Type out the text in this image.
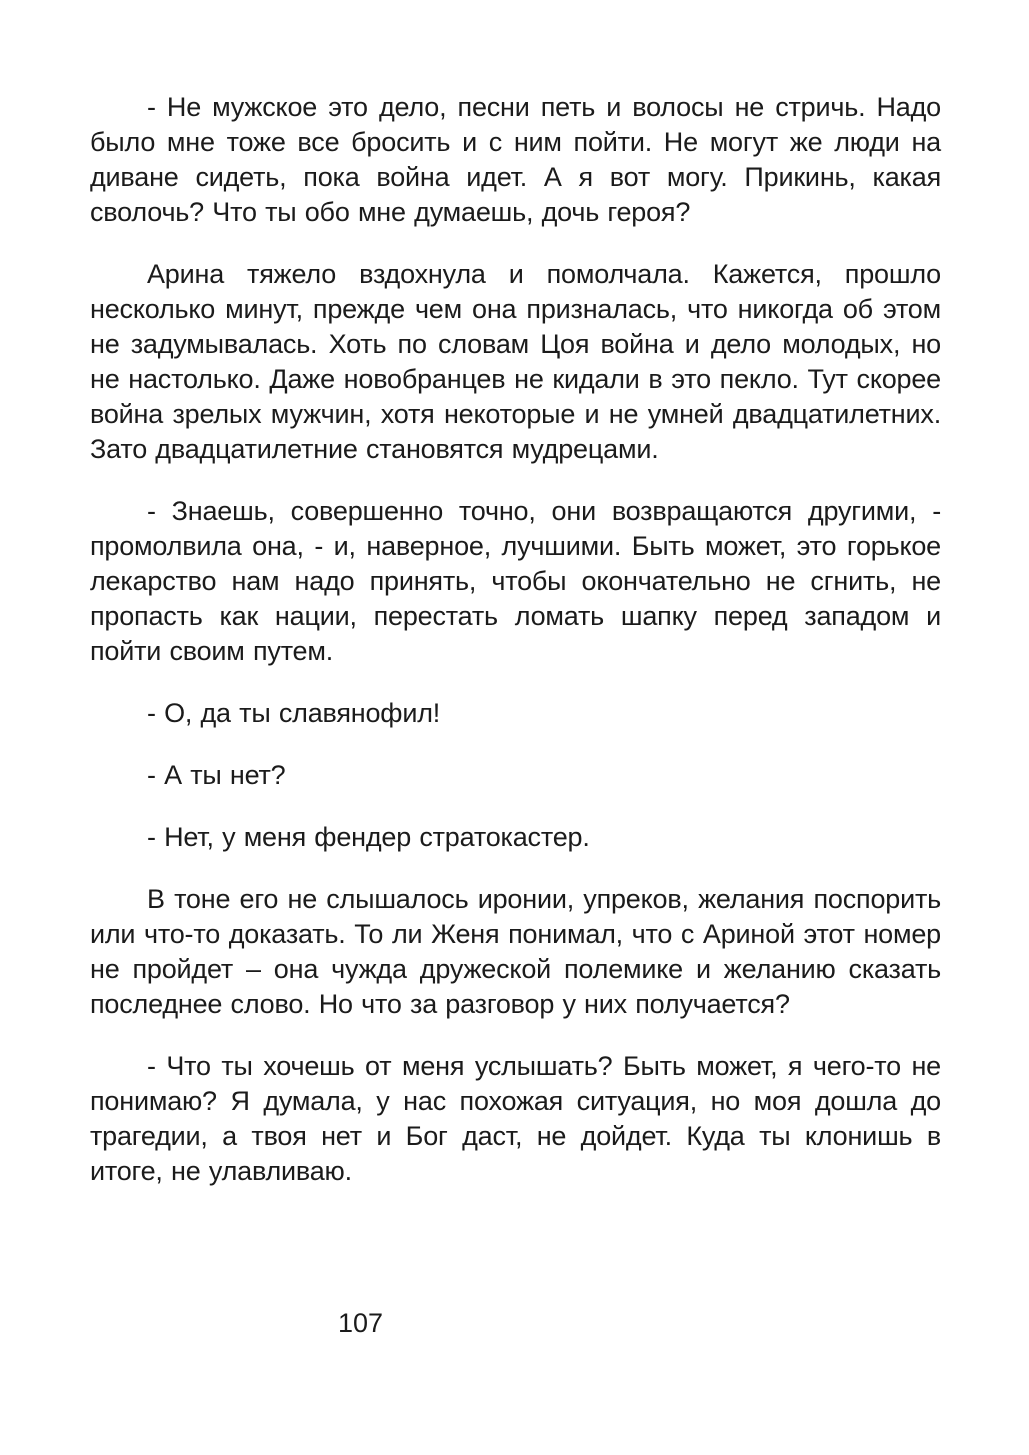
- Не мужское это дело, песни петь и волосы не стричь. Надо было мне тоже все бросить и с ним пойти. Не могут же люди на диване сидеть, пока война идет. А я вот могу. Прикинь, какая сволочь? Что ты обо мне думаешь, дочь героя?

Арина тяжело вздохнула и помолчала. Кажется, прошло несколько минут, прежде чем она призналась, что никогда об этом не задумывалась. Хоть по словам Цоя война и дело молодых, но не настолько. Даже новобранцев не кидали в это пекло. Тут скорее война зрелых мужчин, хотя некоторые и не умней двадцатилетних. Зато двадцатилетние становятся мудрецами.

- Знаешь, совершенно точно, они возвращаются другими, - промолвила она, - и, наверное, лучшими. Быть может, это горькое лекарство нам надо принять, чтобы окончательно не сгнить, не пропасть как нации, перестать ломать шапку перед западом и пойти своим путем.

- О, да ты славянофил!

- А ты нет?

- Нет, у меня фендер стратокастер.

В тоне его не слышалось иронии, упреков, желания поспорить или что-то доказать. То ли Женя понимал, что с Ариной этот номер не пройдет – она чужда дружеской полемике и желанию сказать последнее слово. Но что за разговор у них получается?

- Что ты хочешь от меня услышать? Быть может, я чего-то не понимаю? Я думала, у нас похожая ситуация, но моя дошла до трагедии, а твоя нет и Бог даст, не дойдет. Куда ты клонишь в итоге, не улавливаю.

107
